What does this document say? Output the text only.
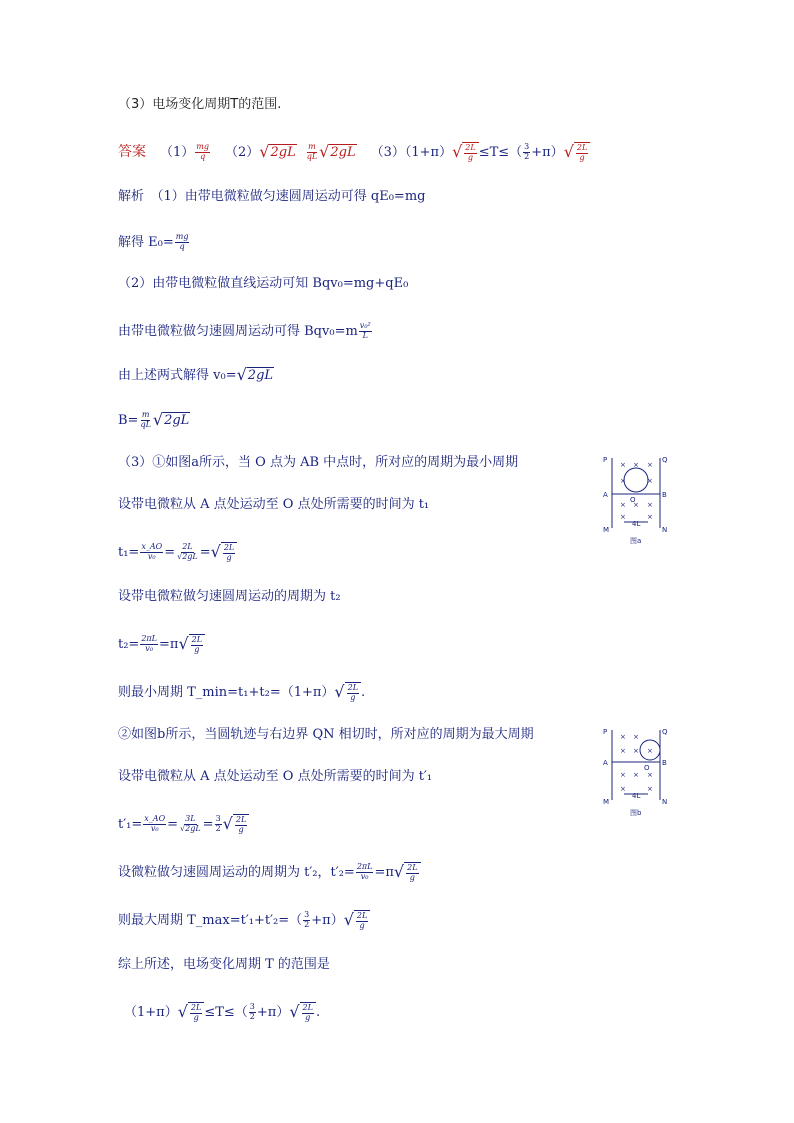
（3）电场变化周期T的范围.
答案 $(1) \frac{mg}{q} (2)$ √ $2gL \frac{m}{qL}$ √ 2gL （3）（1+π） √ $\frac{2L}{g} \le T\le( \frac{3}{2} +\pi)$ √ $\frac{2L}{g}$
解析　（1）由带电微粒做匀速圆周运动可得 qE₀=mg
解得 $E_0= \frac{mg}{q}$
（2）由带电微粒做直线运动可知 Bqv₀=mg+qE₀
由带电微粒做匀速圆周运动可得 $Bqv_0=m \frac{\text{v₀²}}{L}$
由上述两式解得 v₀= √ 2gL
$B= \frac{m}{qL}$ √ 2gL
（3）①如图a所示，当 O 点为 AB 中点时，所对应的周期为最小周期
设带电微粒从 A 点处运动至 O 点处所需要的时间为 t₁
$t_1= \frac{x\_AO}{\text{v₀}} = \frac{2L}{√2gL}$ = √ $\frac{2L}{g}$
设带电微粒做匀速圆周运动的周期为 t₂
$t_2= \frac{2\pi L}{\text{v₀}} =\pi$ √ $\frac{2L}{g}$
则最小周期 T_min=t₁+t₂=（1+π） √ $\frac{2L}{g}$ .
②如图b所示，当圆轨迹与右边界 QN 相切时，所对应的周期为最大周期
设带电微粒从 A 点处运动至 O 点处所需要的时间为 t′₁
$t'_1= \frac{x\_AO}{\text{v₀}} = \frac{3L}{√2gL} = \frac{3}{2}$ √ $\frac{2L}{g}$
设微粒做匀速圆周运动的周期为 t′₂，$t'_2= \frac{2\pi L}{\text{v₀}} =\pi$ √ $\frac{2L}{g}$
则最大周期 T_max=t′₁+t′₂=（ $\frac{3}{2} +\pi$） √ $\frac{2L}{g}$
综上所述，电场变化周期 T 的范围是
（1+π） √ $\frac{2L}{g} \le T\le( \frac{3}{2} +\pi)$ √ $\frac{2L}{g}$ .
× × ×
×	×
× × ×
×	×
P	Q
A	B
O
4L
M	N
图a
× ×
× × ×
× × ×
×	×
P	Q
A	B
O
4L
M	N
图b
